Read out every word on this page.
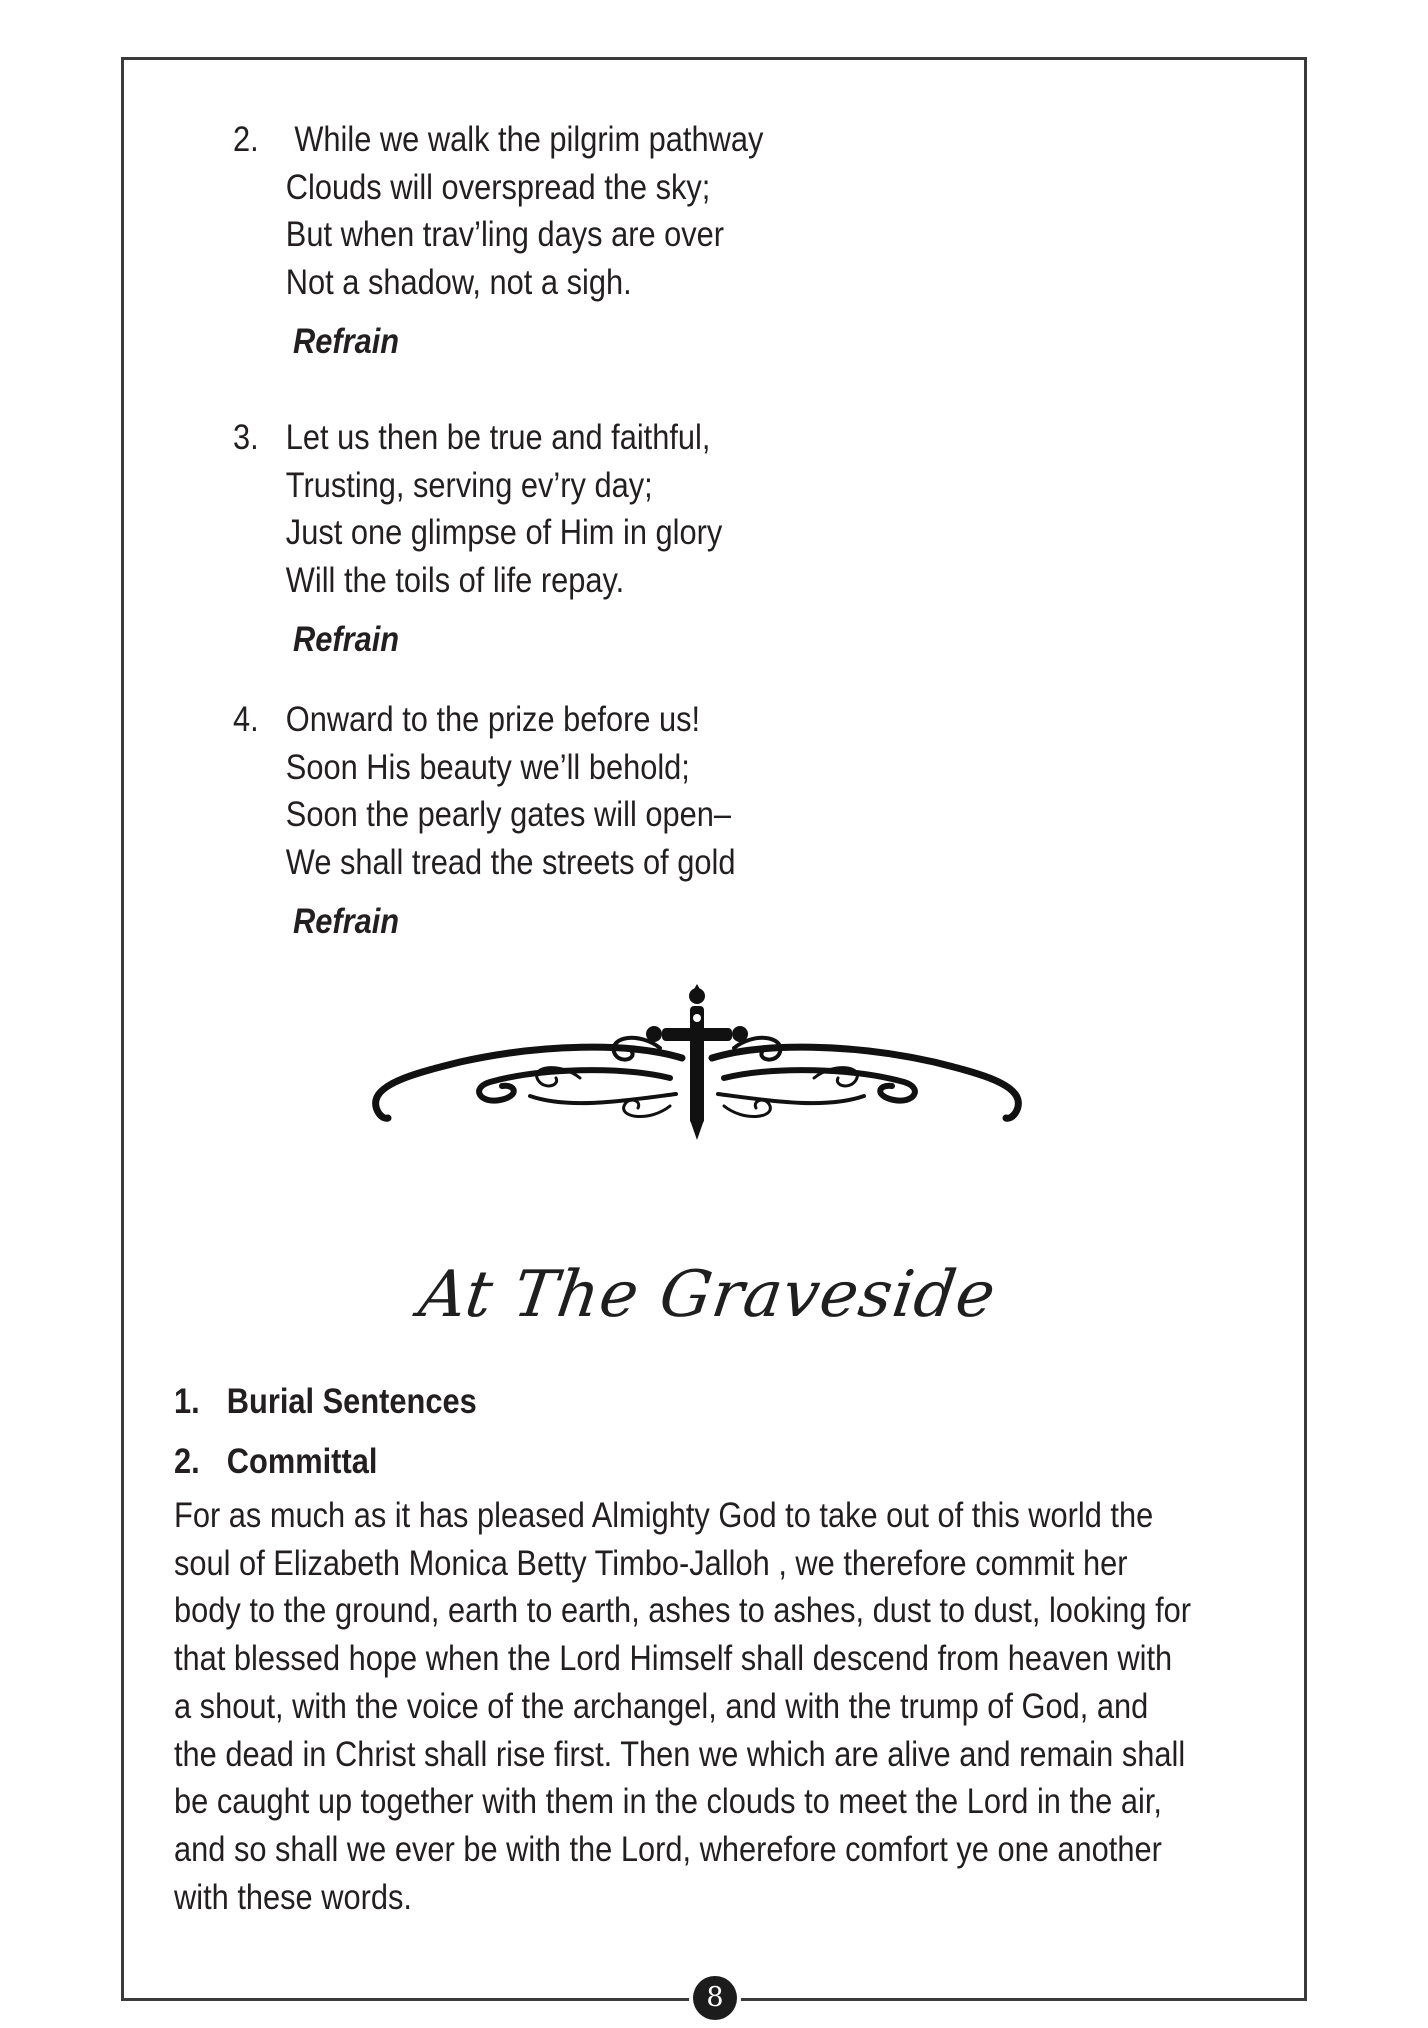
2. While we walk the pilgrim pathway
Clouds will overspread the sky;
But when trav’ling days are over
Not a shadow, not a sigh.
Refrain
3. Let us then be true and faithful,
Trusting, serving ev’ry day;
Just one glimpse of Him in glory
Will the toils of life repay.
Refrain
4. Onward to the prize before us!
Soon His beauty we’ll behold;
Soon the pearly gates will open–
We shall tread the streets of gold
Refrain
At The Graveside
1. Burial Sentences
2. Committal
For as much as it has pleased Almighty God to take out of this world the
soul of Elizabeth Monica Betty Timbo-Jalloh , we therefore commit her
body to the ground, earth to earth, ashes to ashes, dust to dust, looking for
that blessed hope when the Lord Himself shall descend from heaven with
a shout, with the voice of the archangel, and with the trump of God, and
the dead in Christ shall rise first. Then we which are alive and remain shall
be caught up together with them in the clouds to meet the Lord in the air,
and so shall we ever be with the Lord, wherefore comfort ye one another
with these words.
8
